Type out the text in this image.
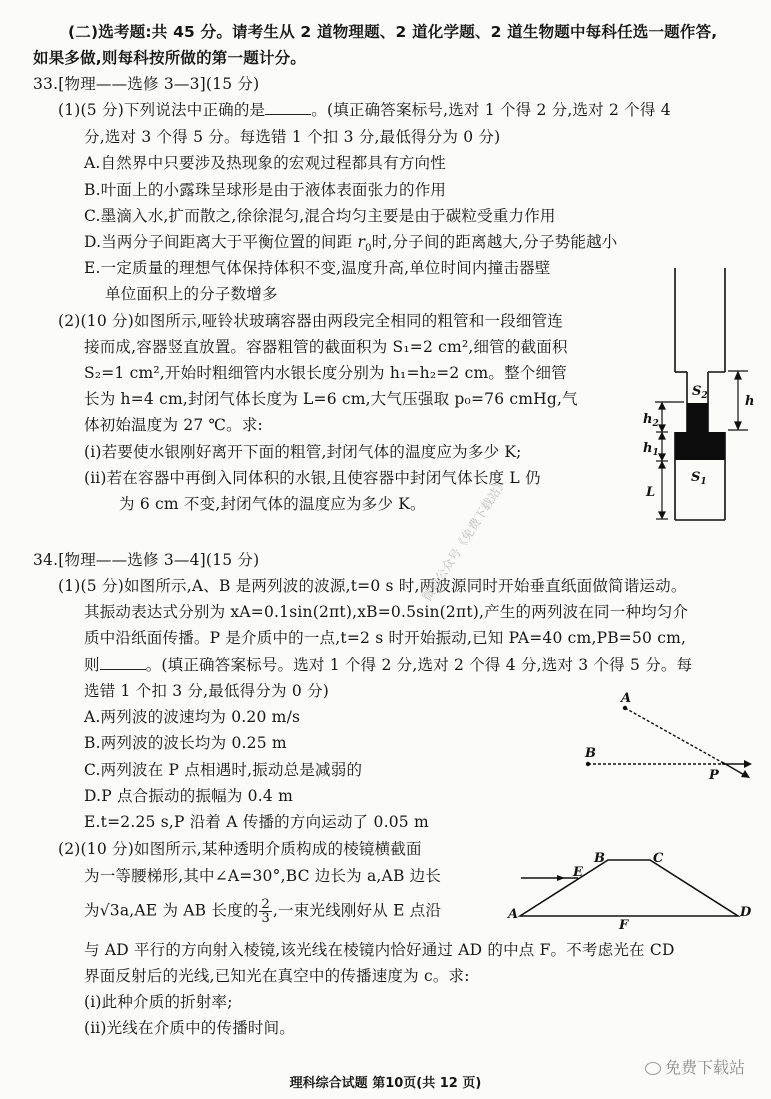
(二)选考题:共 45 分。请考生从 2 道物理题、2 道化学题、2 道生物题中每科任选一题作答,
如果多做,则每科按所做的第一题计分。
33.[物理——选修 3—3](15 分)
(1)(5 分)下列说法中正确的是	。(填正确答案标号,选对 1 个得 2 分,选对 2 个得 4
分,选对 3 个得 5 分。每选错 1 个扣 3 分,最低得分为 0 分)
A.自然界中只要涉及热现象的宏观过程都具有方向性
B.叶面上的小露珠呈球形是由于液体表面张力的作用
C.墨滴入水,扩而散之,徐徐混匀,混合均匀主要是由于碳粒受重力作用
D.当两分子间距离大于平衡位置的间距 $r_0$时,分子间的距离越大,分子势能越小
E.一定质量的理想气体保持体积不变,温度升高,单位时间内撞击器壁
单位面积上的分子数增多
(2)(10 分)如图所示,哑铃状玻璃容器由两段完全相同的粗管和一段细管连
接而成,容器竖直放置。容器粗管的截面积为 S₁=2 cm²,细管的截面积
S₂=1 cm²,开始时粗细管内水银长度分别为 h₁=h₂=2 cm。整个细管
长为 h=4 cm,封闭气体长度为 L=6 cm,大气压强取 p₀=76 cmHg,气
体初始温度为 27 ℃。求:
(ⅰ)若要使水银刚好离开下面的粗管,封闭气体的温度应为多少 K;
(ⅱ)若在容器中再倒入同体积的水银,且使容器中封闭气体长度 L 仍
为 6 cm 不变,封闭气体的温度应为多少 K。
$S_2$
$S_1$
h
$h_2$
$h_1$
L
A
B
P
A
B	C
D
E
F
34.[物理——选修 3—4](15 分)
(1)(5 分)如图所示,A、B 是两列波的波源,t=0 s 时,两波源同时开始垂直纸面做简谐运动。
其振动表达式分别为 xA=0.1sin(2πt),xB=0.5sin(2πt),产生的两列波在同一种均匀介
质中沿纸面传播。P 是介质中的一点,t=2 s 时开始振动,已知 PA=40 cm,PB=50 cm,
则	。(填正确答案标号。选对 1 个得 2 分,选对 2 个得 4 分,选对 3 个得 5 分。每
选错 1 个扣 3 分,最低得分为 0 分)
A.两列波的波速均为 0.20 m/s
B.两列波的波长均为 0.25 m
C.两列波在 P 点相遇时,振动总是减弱的
D.P 点合振动的振幅为 0.4 m
E.t=2.25 s,P 沿着 A 传播的方向运动了 0.05 m
(2)(10 分)如图所示,某种透明介质构成的棱镜横截面
为一等腰梯形,其中∠A=30°,BC 边长为 a,AB 边长
为√3a,AE 为 AB 长度的 $\frac{2}{3}$ ,一束光线刚好从 E 点沿
与 AD 平行的方向射入棱镜,该光线在棱镜内恰好通过 AD 的中点 F。不考虑光在 CD
界面反射后的光线,已知光在真空中的传播速度为 c。求:
(ⅰ)此种介质的折射率;
(ⅱ)光线在介质中的传播时间。
微信公众号《免费下载站》
免费下载站
理科综合试题 第10页(共 12 页)
